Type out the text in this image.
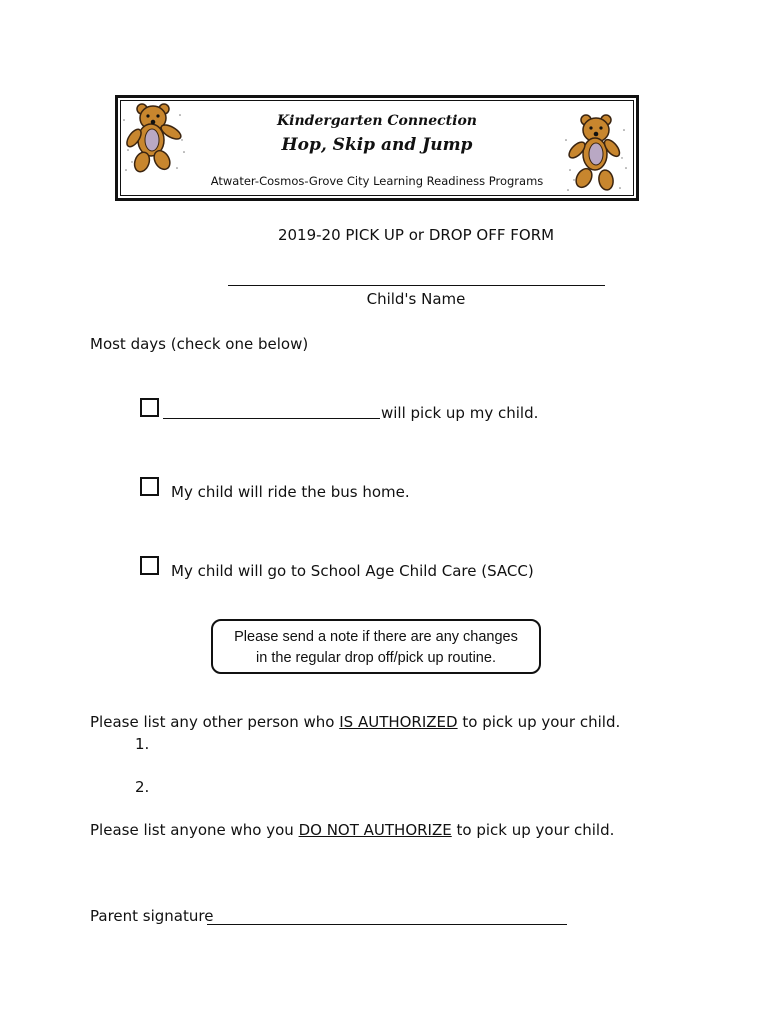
Kindergarten Connection
Hop, Skip and Jump
Atwater-Cosmos-Grove City Learning Readiness Programs
2019-20 PICK UP or DROP OFF FORM
Child's Name
Most days (check one below)
will pick up my child.
My child will ride the bus home.
My child will go to School Age Child Care (SACC)
Please send a note if there are any changes
in the regular drop off/pick up routine.
Please list any other person who IS AUTHORIZED to pick up your child.
1.
2.
Please list anyone who you DO NOT AUTHORIZE to pick up your child.
Parent signature
